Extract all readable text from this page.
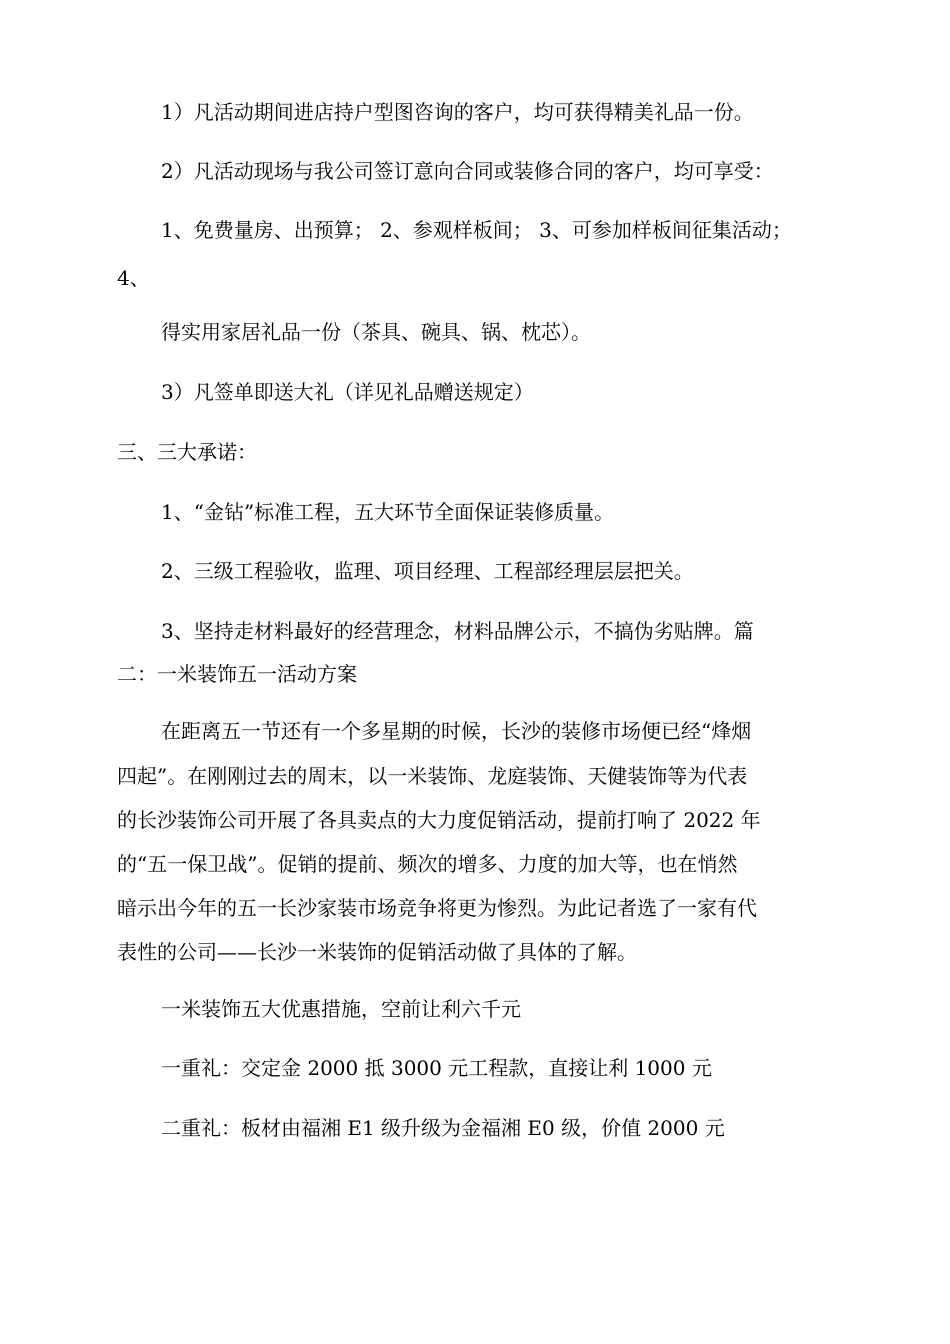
1）凡活动期间进店持户型图咨询的客户，均可获得精美礼品一份。
2）凡活动现场与我公司签订意向合同或装修合同的客户，均可享受：
1、免费量房、出预算； 2、参观样板间； 3、可参加样板间征集活动；
4、
得实用家居礼品一份（茶具、碗具、锅、枕芯）。
3）凡签单即送大礼（详见礼品赠送规定）
三、三大承诺：
1、“金钻”标准工程，五大环节全面保证装修质量。
2、三级工程验收，监理、项目经理、工程部经理层层把关。
3、坚持走材料最好的经营理念，材料品牌公示，不搞伪劣贴牌。篇
二：一米装饰五一活动方案
在距离五一节还有一个多星期的时候，长沙的装修市场便已经“烽烟
四起”。在刚刚过去的周末，以一米装饰、龙庭装饰、天健装饰等为代表
的长沙装饰公司开展了各具卖点的大力度促销活动，提前打响了 2022 年
的“五一保卫战”。促销的提前、频次的增多、力度的加大等，也在悄然
暗示出今年的五一长沙家装市场竞争将更为惨烈。为此记者选了一家有代
表性的公司——长沙一米装饰的促销活动做了具体的了解。
一米装饰五大优惠措施，空前让利六千元
一重礼：交定金 2000 抵 3000 元工程款，直接让利 1000 元
二重礼：板材由福湘 E1 级升级为金福湘 E0 级，价值 2000 元
